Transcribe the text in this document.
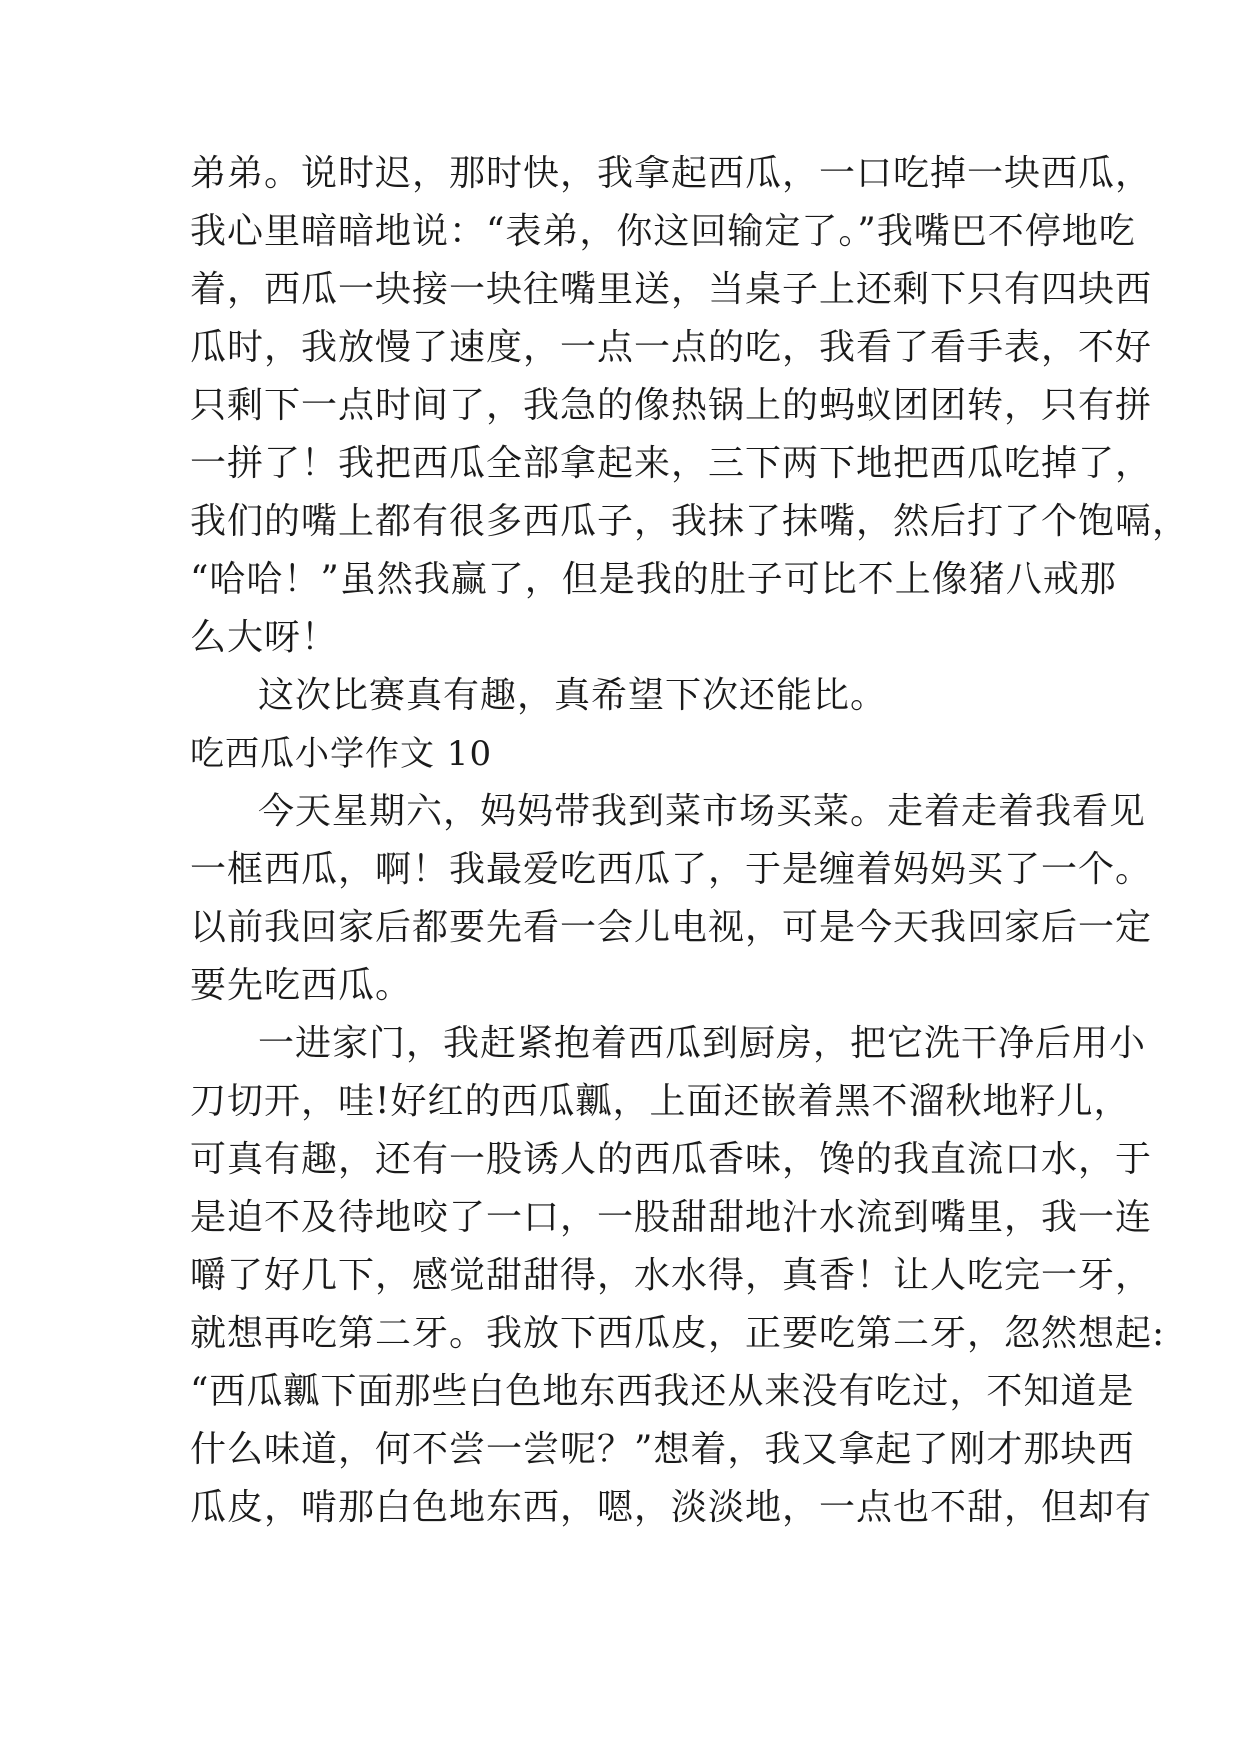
弟弟。说时迟，那时快，我拿起西瓜，一口吃掉一块西瓜，
我心里暗暗地说：“表弟，你这回输定了。”我嘴巴不停地吃
着，西瓜一块接一块往嘴里送，当桌子上还剩下只有四块西
瓜时，我放慢了速度，一点一点的吃，我看了看手表，不好
只剩下一点时间了，我急的像热锅上的蚂蚁团团转，只有拼
一拼了！我把西瓜全部拿起来，三下两下地把西瓜吃掉了，
我们的嘴上都有很多西瓜子，我抹了抹嘴，然后打了个饱嗝，
“哈哈！”虽然我赢了，但是我的肚子可比不上像猪八戒那
么大呀！
这次比赛真有趣，真希望下次还能比。
吃西瓜小学作文 10
今天星期六，妈妈带我到菜市场买菜。走着走着我看见
一框西瓜，啊！我最爱吃西瓜了，于是缠着妈妈买了一个。
以前我回家后都要先看一会儿电视，可是今天我回家后一定
要先吃西瓜。
一进家门，我赶紧抱着西瓜到厨房，把它洗干净后用小
刀切开，哇!好红的西瓜瓤，上面还嵌着黑不溜秋地籽儿，
可真有趣，还有一股诱人的西瓜香味，馋的我直流口水，于
是迫不及待地咬了一口，一股甜甜地汁水流到嘴里，我一连
嚼了好几下，感觉甜甜得，水水得，真香！让人吃完一牙，
就想再吃第二牙。我放下西瓜皮，正要吃第二牙，忽然想起:
“西瓜瓤下面那些白色地东西我还从来没有吃过，不知道是
什么味道，何不尝一尝呢？”想着，我又拿起了刚才那块西
瓜皮，啃那白色地东西，嗯，淡淡地，一点也不甜，但却有
